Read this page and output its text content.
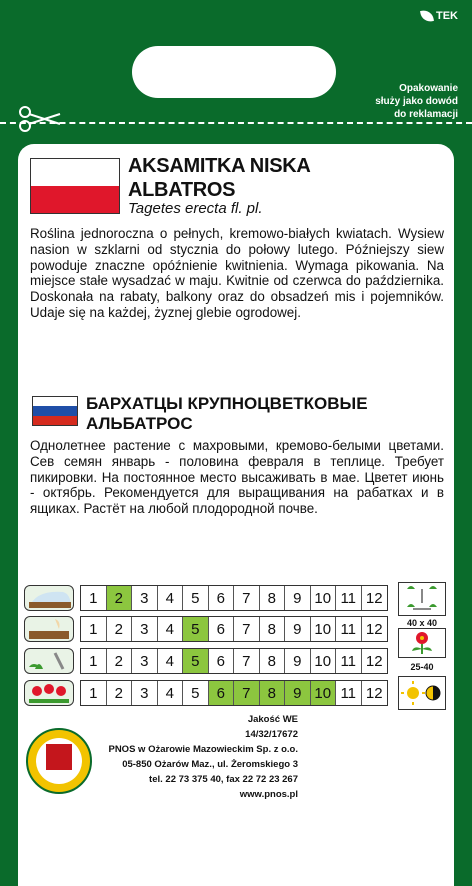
TEK
Opakowanie
służy jako dowód
do reklamacji
AKSAMITKA NISKA
ALBATROS
Tagetes erecta fl. pl.
Roślina jednoroczna o pełnych, kremowo-białych kwiatach. Wysiew nasion w szklarni od stycznia do połowy lutego. Późniejszy siew powoduje znaczne opóźnienie kwitnienia. Wymaga pikowania. Na miejsce stałe wysadzać w maju. Kwitnie od czerwca do października. Doskonała na rabaty, balkony oraz do obsadzeń mis i pojemników. Udaje się na każdej, żyznej glebie ogrodowej.
БАРХАТЦЫ КРУПНОЦВЕТКОВЫЕ
АЛЬБАТРОС
Однолетнее растение с махровыми, кремово-белыми цветами. Сев семян январь - половина февраля в теплице. Требует пикировки. На постоянное место высаживать в мае. Цветет июнь - октябрь. Рекомендуется для выращивания на рабатках и в ящиках. Растёт на любой плодородной почве.
1	2	3	4	5	6	7	8	9 10 11 12
1	2	3	4	5	6	7	8	9 10 11 12
1	2	3	4	5	6	7	8	9 10 11 12
1	2	3	4	5	6	7	8	9 10 11 12
40 x 40
25-40
Jakość WE
14/32/17672
PNOS w Ożarowie Mazowieckim Sp. z o.o.
05-850 Ożarów Maz., ul. Żeromskiego 3
tel. 22 73 375 40, fax 22 72 23 267
www.pnos.pl
